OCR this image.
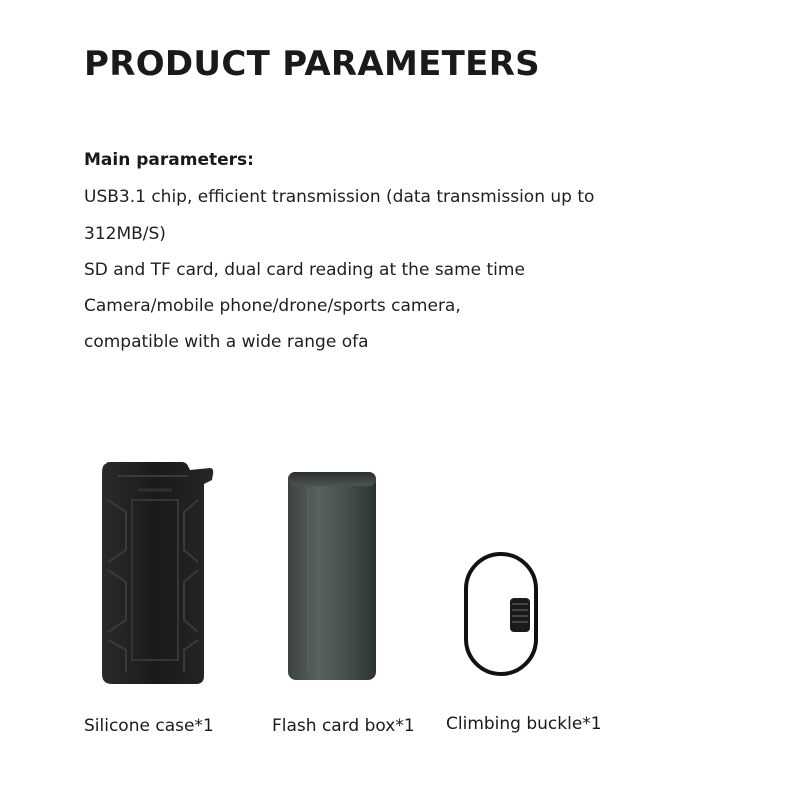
PRODUCT PARAMETERS
Main parameters:
USB3.1 chip, efficient transmission (data transmission up to
312MB/S)
SD and TF card, dual card reading at the same time
Camera/mobile phone/drone/sports camera,
compatible with a wide range ofa
Silicone case*1	Flash card box*1 Climbing buckle*1
